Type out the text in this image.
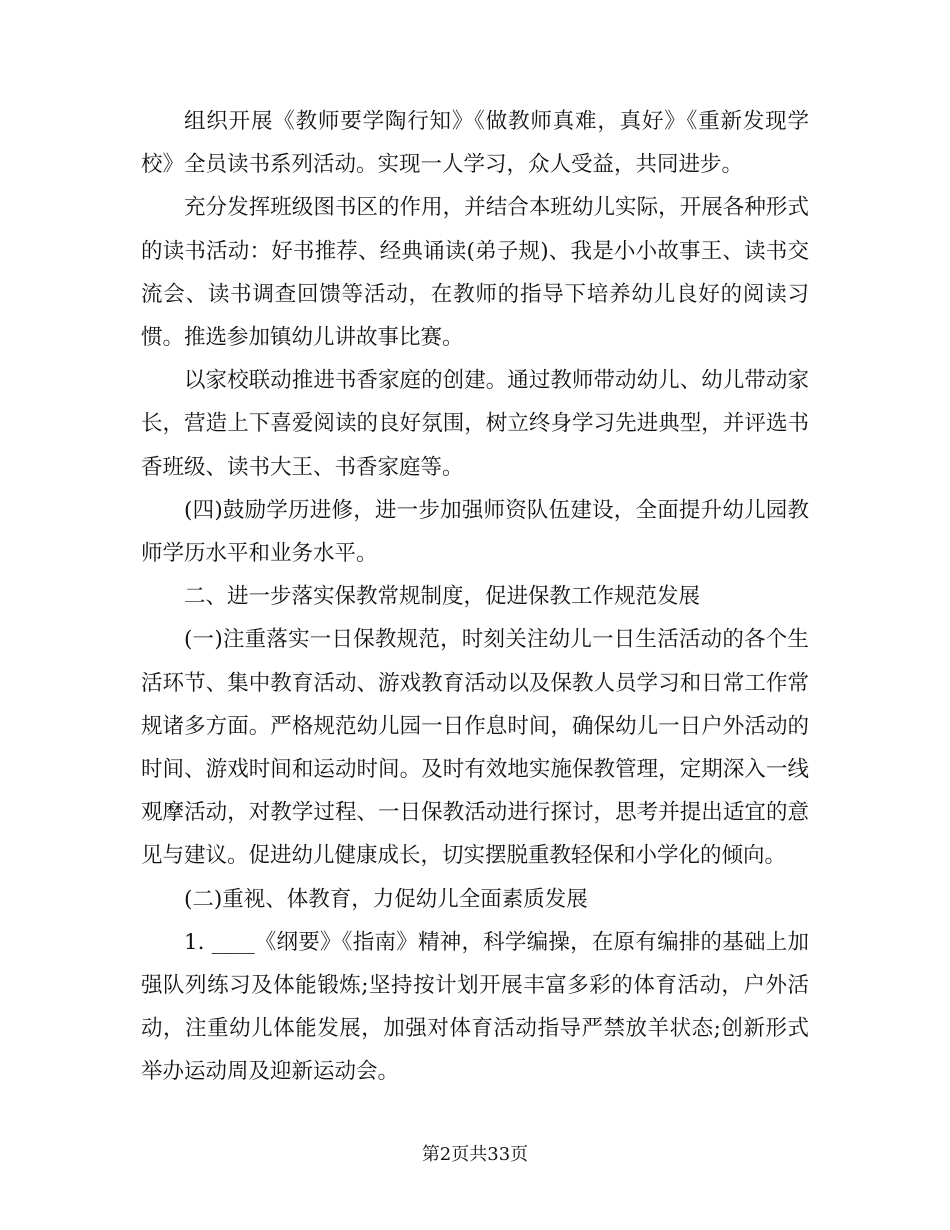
组织开展《教师要学陶行知》《做教师真难，真好》《重新发现学校》全员读书系列活动。实现一人学习，众人受益，共同进步。

充分发挥班级图书区的作用，并结合本班幼儿实际，开展各种形式的读书活动：好书推荐、经典诵读(弟子规)、我是小小故事王、读书交流会、读书调查回馈等活动，在教师的指导下培养幼儿良好的阅读习惯。推选参加镇幼儿讲故事比赛。

以家校联动推进书香家庭的创建。通过教师带动幼儿、幼儿带动家长，营造上下喜爱阅读的良好氛围，树立终身学习先进典型，并评选书香班级、读书大王、书香家庭等。

(四)鼓励学历进修，进一步加强师资队伍建设，全面提升幼儿园教师学历水平和业务水平。

二、进一步落实保教常规制度，促进保教工作规范发展

(一)注重落实一日保教规范，时刻关注幼儿一日生活活动的各个生活环节、集中教育活动、游戏教育活动以及保教人员学习和日常工作常规诸多方面。严格规范幼儿园一日作息时间，确保幼儿一日户外活动的时间、游戏时间和运动时间。及时有效地实施保教管理，定期深入一线观摩活动，对教学过程、一日保教活动进行探讨，思考并提出适宜的意见与建议。促进幼儿健康成长，切实摆脱重教轻保和小学化的倾向。

(二)重视、体教育，力促幼儿全面素质发展

1. ____《纲要》《指南》精神，科学编操，在原有编排的基础上加强队列练习及体能锻炼;坚持按计划开展丰富多彩的体育活动，户外活动，注重幼儿体能发展，加强对体育活动指导严禁放羊状态;创新形式举办运动周及迎新运动会。

第2页共33页
